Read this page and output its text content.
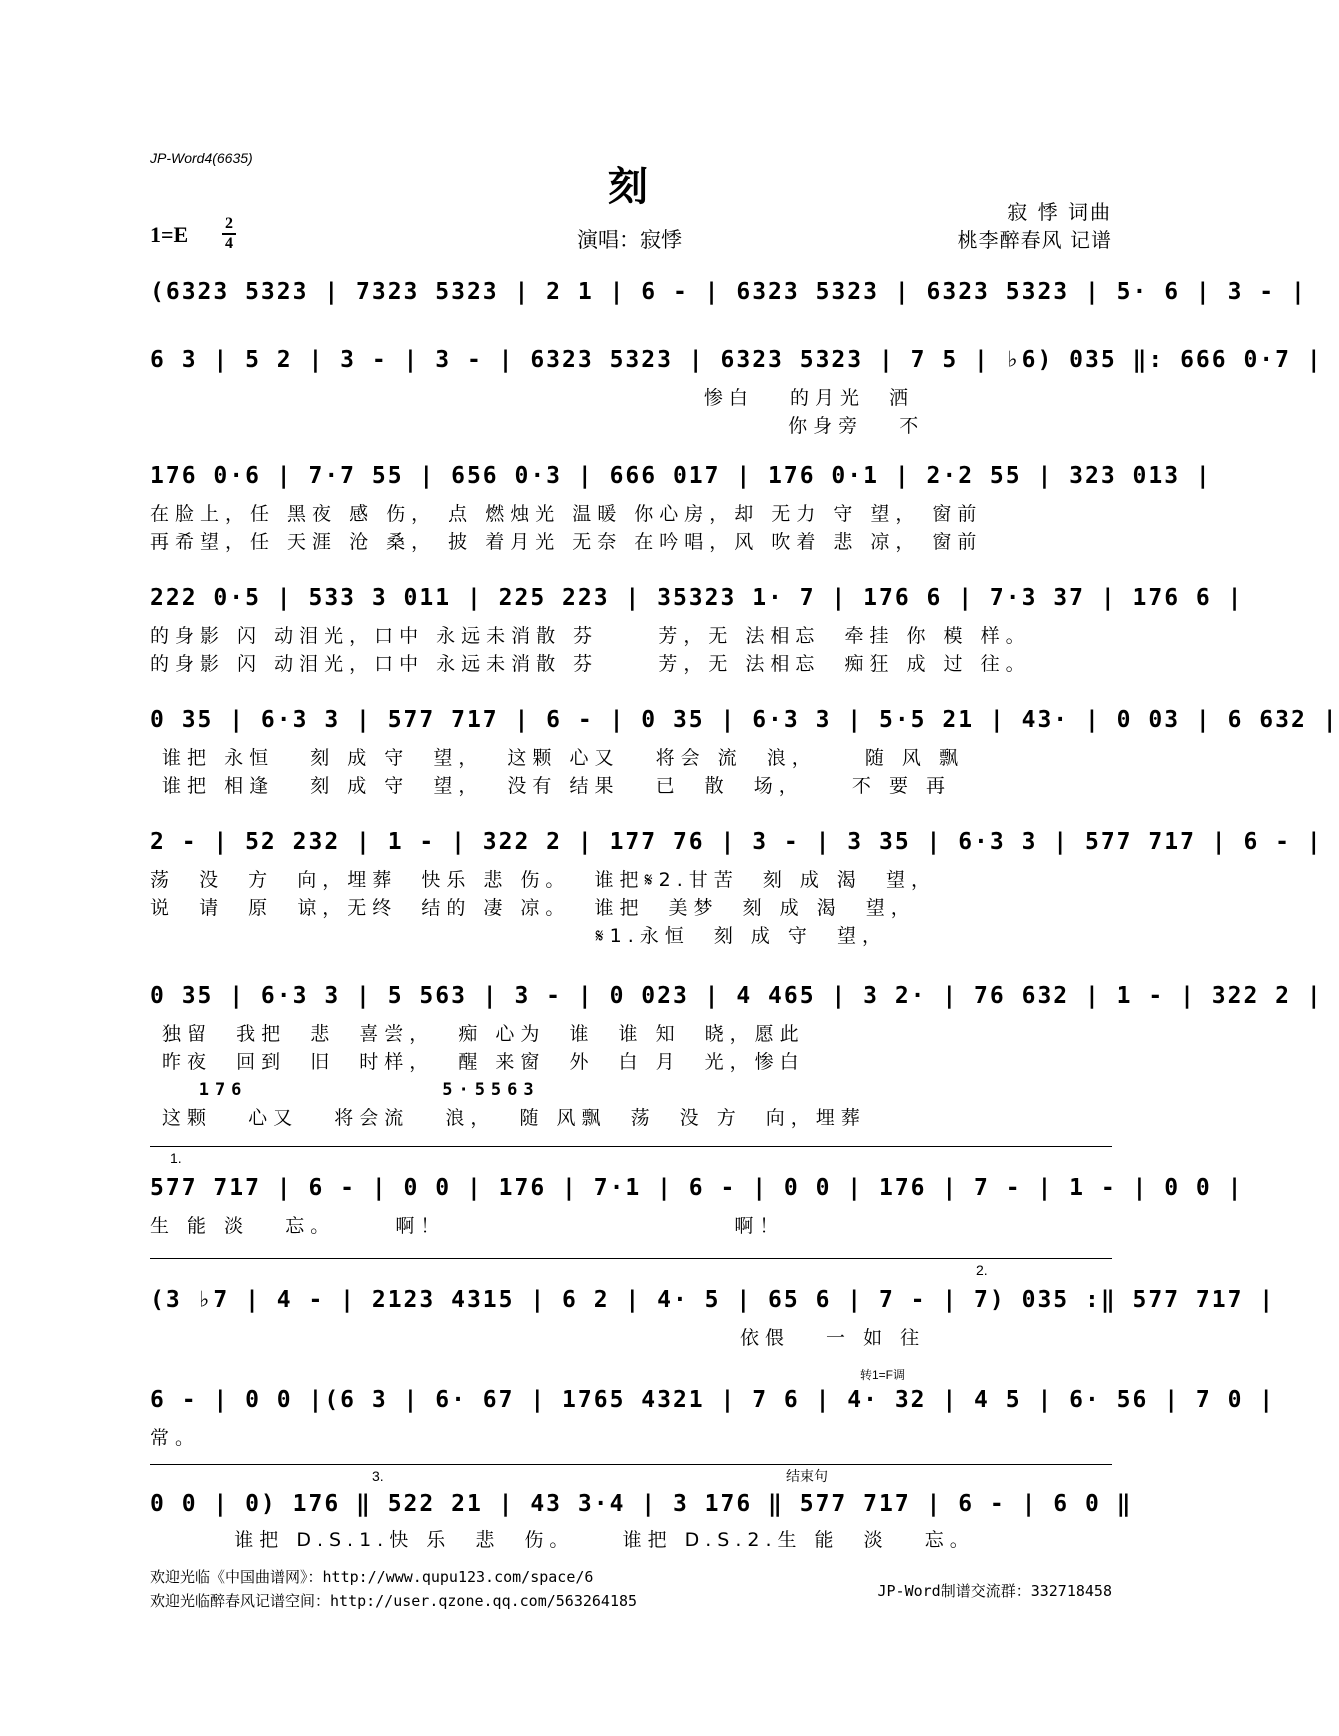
JP-Word4(6635)
刻
1=E 2
4	演唱：寂悸
寂 悸 词曲
桃李醉春风 记谱
(6323 5323 | 7323 5323 | 2 1 | 6 - | 6323 5323 | 6323 5323 | 5· 6 | 3 - |
6 3 | 5 2 | 3 - | 3 - | 6323 5323 | 6323 5323 | 7 5 | ♭6) 035 ‖: 666 0·7 |
惨白   的月光  洒
你身旁   不
176 0·6 | 7·7 55 | 656 0·3 | 666 017 | 176 0·1 | 2·2 55 | 323 013 |
在脸上，任 黑夜 感 伤， 点 燃烛光 温暖 你心房，却 无力 守 望， 窗前
再希望，任 天涯 沧 桑， 披 着月光 无奈 在吟唱，风 吹着 悲 凉， 窗前
222 0·5 | 533 3 011 | 225 223 | 35323 1· 7 | 176 6 | 7·3 37 | 176 6 |
的身影 闪 动泪光，口中 永远未消散 芬     芳，无 法相忘  牵挂 你 模 样。
的身影 闪 动泪光，口中 永远未消散 芬     芳，无 法相忘  痴狂 成 过 往。
0 35 | 6·3 3 | 577 717 | 6 - | 0 35 | 6·3 3 | 5·5 21 | 43· | 0 03 | 6 632 |
谁把 永恒   刻 成 守  望，  这颗 心又   将会 流  浪，    随 风 飘
谁把 相逢   刻 成 守  望，  没有 结果   已  散  场，    不 要 再
2 - | 52 232 | 1 - | 322 2 | 177 76 | 3 - | 3 35 | 6·3 3 | 577 717 | 6 - |
荡  没  方  向，埋葬  快乐 悲 伤。  谁把𝄋2.甘苦  刻 成 渴  望，
说  请  原  谅，无终  结的 凄 凉。  谁把  美梦  刻 成 渴  望，
𝄋1.永恒  刻 成 守  望，
0 35 | 6·3 3 | 5 563 | 3 - | 0 023 | 4 465 | 3 2· | 76 632 | 1 - | 322 2 |
独留  我把  悲  喜尝，  痴 心为  谁  谁 知  晓，愿此
昨夜  回到  旧  时样，  醒 来窗  外  白 月  光，惨白
176            5·5563
这颗   心又   将会流   浪，  随 风飘  荡  没 方  向，埋葬
1.
577 717 | 6 - | 0 0 | 176 | 7·1 | 6 - | 0 0 | 176 | 7 - | 1 - | 0 0 |
生 能 淡   忘。     啊！                        啊！
2.
(3 ♭7 | 4 - | 2123 4315 | 6 2 | 4· 5 | 65 6 | 7 - | 7) 035 :‖ 577 717 |
依偎   一 如 往
转1=F调
6 - | 0 0 |(6 3 | 6· 67 | 1765 4321 | 7 6 | 4· 32 | 4 5 | 6· 56 | 7 0 |
常。
3.	结束句
0 0 | 0) 176 ‖ 522 21 | 43 3·4 | 3 176 ‖ 577 717 | 6 - | 6 0 ‖
谁把 D.S.1.快 乐  悲  伤。    谁把 D.S.2.生 能  淡   忘。
欢迎光临《中国曲谱网》：http://www.qupu123.com/space/6
欢迎光临醉春风记谱空间：http://user.qzone.qq.com/563264185
JP-Word制谱交流群：332718458
